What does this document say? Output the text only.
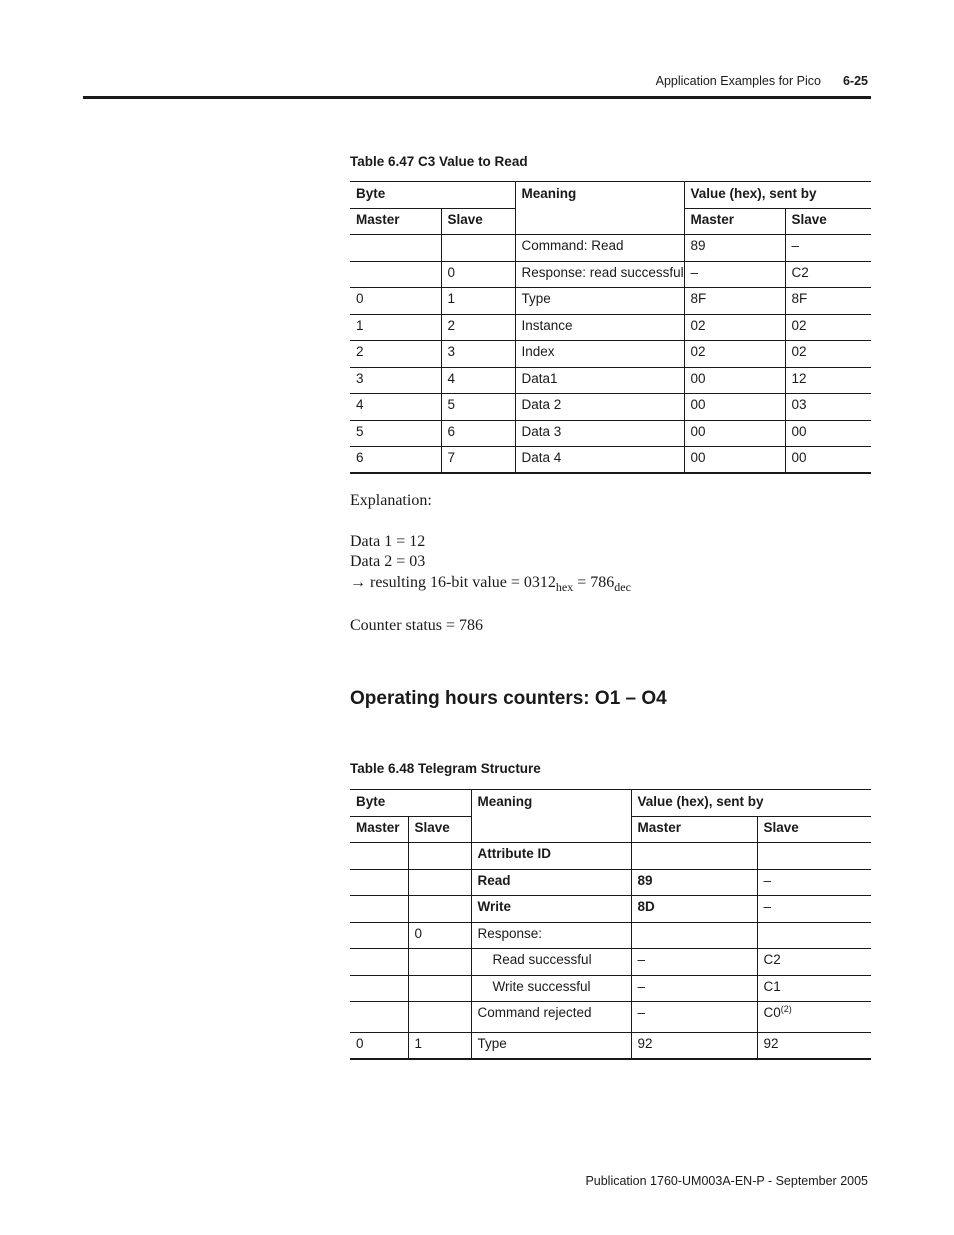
Application Examples for Pico 6-25
Table 6.47 C3 Value to Read
Byte		Meaning	Value (hex), sent by	
Master	Slave		Master	Slave
		Command: Read	89	–
	0	Response: read successful	–	C2
0	1	Type	8F	8F
1	2	Instance	02	02
2	3	Index	02	02
3	4	Data1	00	12
4	5	Data 2	00	03
5	6	Data 3	00	00
6	7	Data 4	00	00
Explanation:
Data 1 = 12
Data 2 = 03
→ resulting 16-bit value = $0312_{hex} = 786_{dec}$
Counter status = 786
Operating hours counters: O1 – O4
Table 6.48 Telegram Structure
Byte		Meaning	Value (hex), sent by	
Master	Slave		Master	Slave
		Attribute ID		
		Read	89	–
		Write	8D	–
	0	Response:		
		Read successful	–	C2
		Write successful	–	C1
		Command rejected	–	C0$^{(2)}$
0	1	Type	92	92
Publication 1760-UM003A-EN-P - September 2005
